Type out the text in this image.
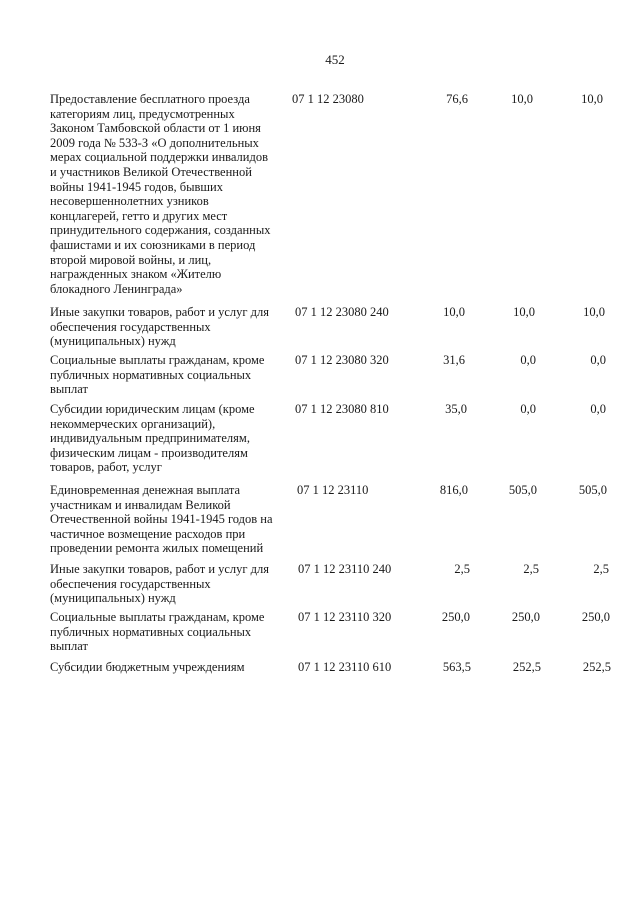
452
Предоставление бесплатного проезда
категориям лиц, предусмотренных
Законом Тамбовской области от 1 июня
2009 года № 533-З «О дополнительных
мерах социальной поддержки инвалидов
и участников Великой Отечественной
войны 1941-1945 годов, бывших
несовершеннолетних узников
концлагерей, гетто и других мест
принудительного содержания, созданных
фашистами и их союзниками в период
второй мировой войны, и лиц,
награжденных знаком «Жителю
блокадного Ленинграда»
07 1 12 23080	76,6	10,0	10,0
Иные закупки товаров, работ и услуг для
обеспечения государственных
(муниципальных) нужд
07 1 12 23080 240	10,0	10,0	10,0
Социальные выплаты гражданам, кроме
публичных нормативных социальных
выплат
07 1 12 23080 320	31,6	0,0	0,0
Субсидии юридическим лицам (кроме
некоммерческих организаций),
индивидуальным предпринимателям,
физическим лицам - производителям
товаров, работ, услуг
07 1 12 23080 810	35,0	0,0	0,0
Единовременная денежная выплата
участникам и инвалидам Великой
Отечественной войны 1941-1945 годов на
частичное возмещение расходов при
проведении ремонта жилых помещений
07 1 12 23110	816,0	505,0	505,0
Иные закупки товаров, работ и услуг для
обеспечения государственных
(муниципальных) нужд
07 1 12 23110 240	2,5	2,5	2,5
Социальные выплаты гражданам, кроме
публичных нормативных социальных
выплат
07 1 12 23110 320	250,0	250,0	250,0
Субсидии бюджетным учреждениям	07 1 12 23110 610	563,5	252,5	252,5
